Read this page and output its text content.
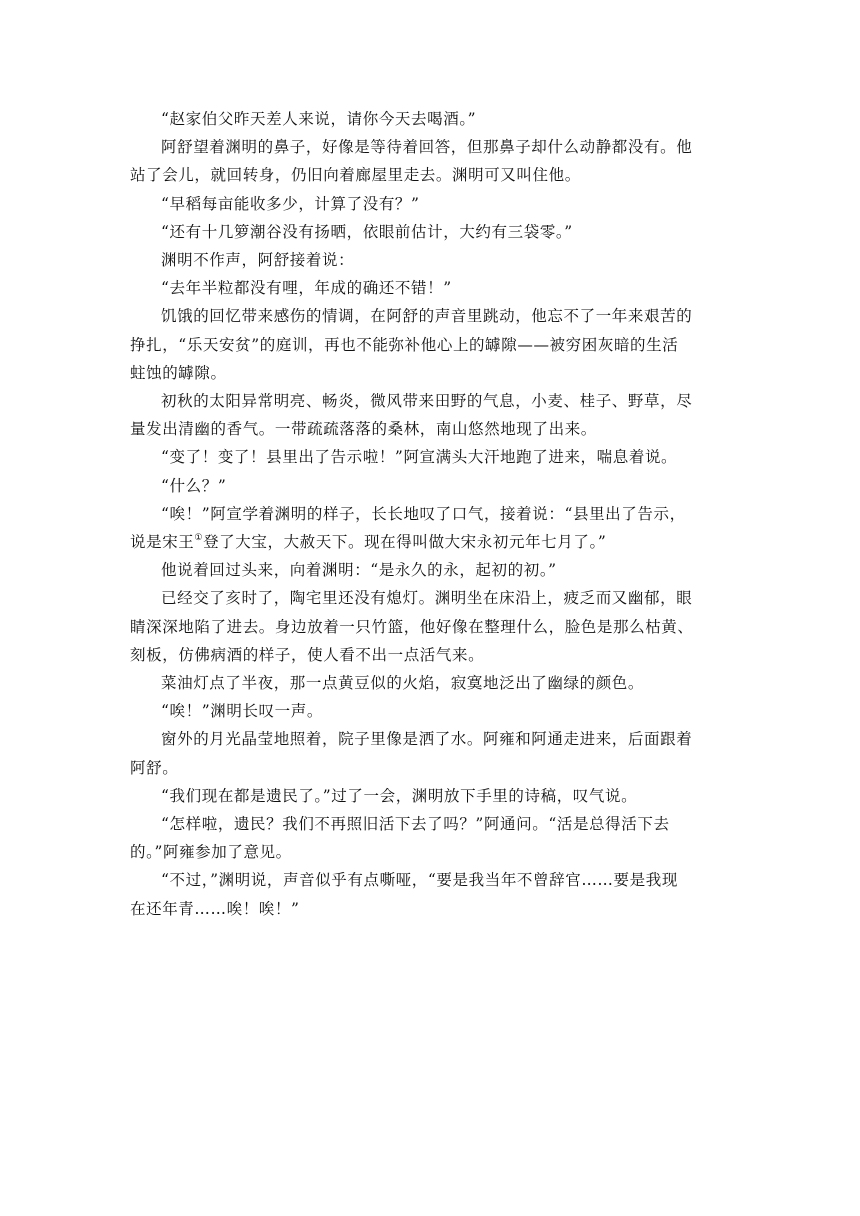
“赵家伯父昨天差人来说，请你今天去喝酒。”
阿舒望着渊明的鼻子，好像是等待着回答，但那鼻子却什么动静都没有。他
站了会儿，就回转身，仍旧向着廊屋里走去。渊明可又叫住他。
“早稻每亩能收多少，计算了没有？”
“还有十几箩潮谷没有扬晒，依眼前估计，大约有三袋零。”
渊明不作声，阿舒接着说：
“去年半粒都没有哩，年成的确还不错！”
饥饿的回忆带来感伤的情调，在阿舒的声音里跳动，他忘不了一年来艰苦的
挣扎，“乐天安贫”的庭训，再也不能弥补他心上的罅隙——被穷困灰暗的生活
蛀蚀的罅隙。
初秋的太阳异常明亮、畅炎，微风带来田野的气息，小麦、桂子、野草，尽
量发出清幽的香气。一带疏疏落落的桑林，南山悠然地现了出来。
“变了！变了！县里出了告示啦！”阿宣满头大汗地跑了进来，喘息着说。
“什么？”
“唉！”阿宣学着渊明的样子，长长地叹了口气，接着说：“县里出了告示，
说是宋王①登了大宝，大赦天下。现在得叫做大宋永初元年七月了。”
他说着回过头来，向着渊明：“是永久的永，起初的初。”
已经交了亥时了，陶宅里还没有熄灯。渊明坐在床沿上，疲乏而又幽郁，眼
睛深深地陷了进去。身边放着一只竹篮，他好像在整理什么，脸色是那么枯黄、
刻板，仿佛病酒的样子，使人看不出一点活气来。
菜油灯点了半夜，那一点黄豆似的火焰，寂寞地泛出了幽绿的颜色。
“唉！”渊明长叹一声。
窗外的月光晶莹地照着，院子里像是洒了水。阿雍和阿通走进来，后面跟着
阿舒。
“我们现在都是遗民了。”过了一会，渊明放下手里的诗稿，叹气说。
“怎样啦，遗民？我们不再照旧活下去了吗？”阿通问。“活是总得活下去
的。”阿雍参加了意见。
“不过，”渊明说，声音似乎有点嘶哑，“要是我当年不曾辞官……要是我现
在还年青……唉！唉！”
